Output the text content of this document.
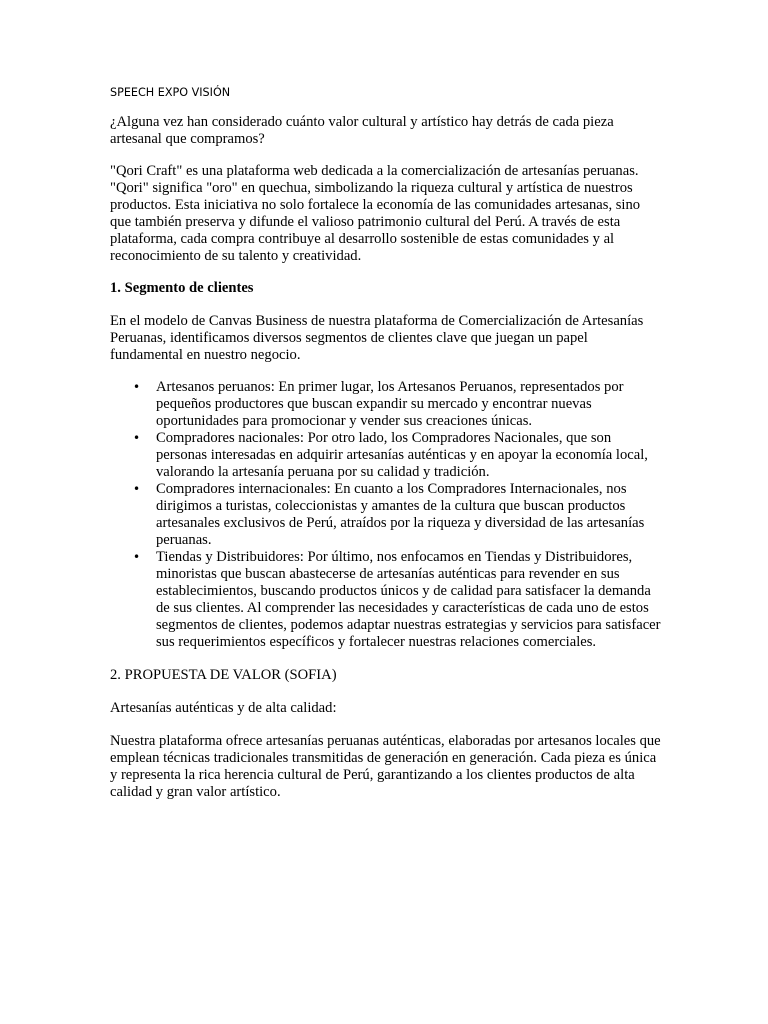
SPEECH EXPO VISIÓN

¿Alguna vez han considerado cuánto valor cultural y artístico hay detrás de cada pieza artesanal que compramos?

"Qori Craft" es una plataforma web dedicada a la comercialización de artesanías peruanas. "Qori" significa "oro" en quechua, simbolizando la riqueza cultural y artística de nuestros productos. Esta iniciativa no solo fortalece la economía de las comunidades artesanas, sino que también preserva y difunde el valioso patrimonio cultural del Perú. A través de esta plataforma, cada compra contribuye al desarrollo sostenible de estas comunidades y al reconocimiento de su talento y creatividad.

1. Segmento de clientes

En el modelo de Canvas Business de nuestra plataforma de Comercialización de Artesanías Peruanas, identificamos diversos segmentos de clientes clave que juegan un papel fundamental en nuestro negocio.

• Artesanos peruanos: En primer lugar, los Artesanos Peruanos, representados por pequeños productores que buscan expandir su mercado y encontrar nuevas oportunidades para promocionar y vender sus creaciones únicas.
• Compradores nacionales: Por otro lado, los Compradores Nacionales, que son personas interesadas en adquirir artesanías auténticas y en apoyar la economía local, valorando la artesanía peruana por su calidad y tradición.
• Compradores internacionales: En cuanto a los Compradores Internacionales, nos dirigimos a turistas, coleccionistas y amantes de la cultura que buscan productos artesanales exclusivos de Perú, atraídos por la riqueza y diversidad de las artesanías peruanas.
• Tiendas y Distribuidores: Por último, nos enfocamos en Tiendas y Distribuidores, minoristas que buscan abastecerse de artesanías auténticas para revender en sus establecimientos, buscando productos únicos y de calidad para satisfacer la demanda de sus clientes. Al comprender las necesidades y características de cada uno de estos segmentos de clientes, podemos adaptar nuestras estrategias y servicios para satisfacer sus requerimientos específicos y fortalecer nuestras relaciones comerciales.

2. PROPUESTA DE VALOR (SOFIA)

Artesanías auténticas y de alta calidad:

Nuestra plataforma ofrece artesanías peruanas auténticas, elaboradas por artesanos locales que emplean técnicas tradicionales transmitidas de generación en generación. Cada pieza es única y representa la rica herencia cultural de Perú, garantizando a los clientes productos de alta calidad y gran valor artístico.
